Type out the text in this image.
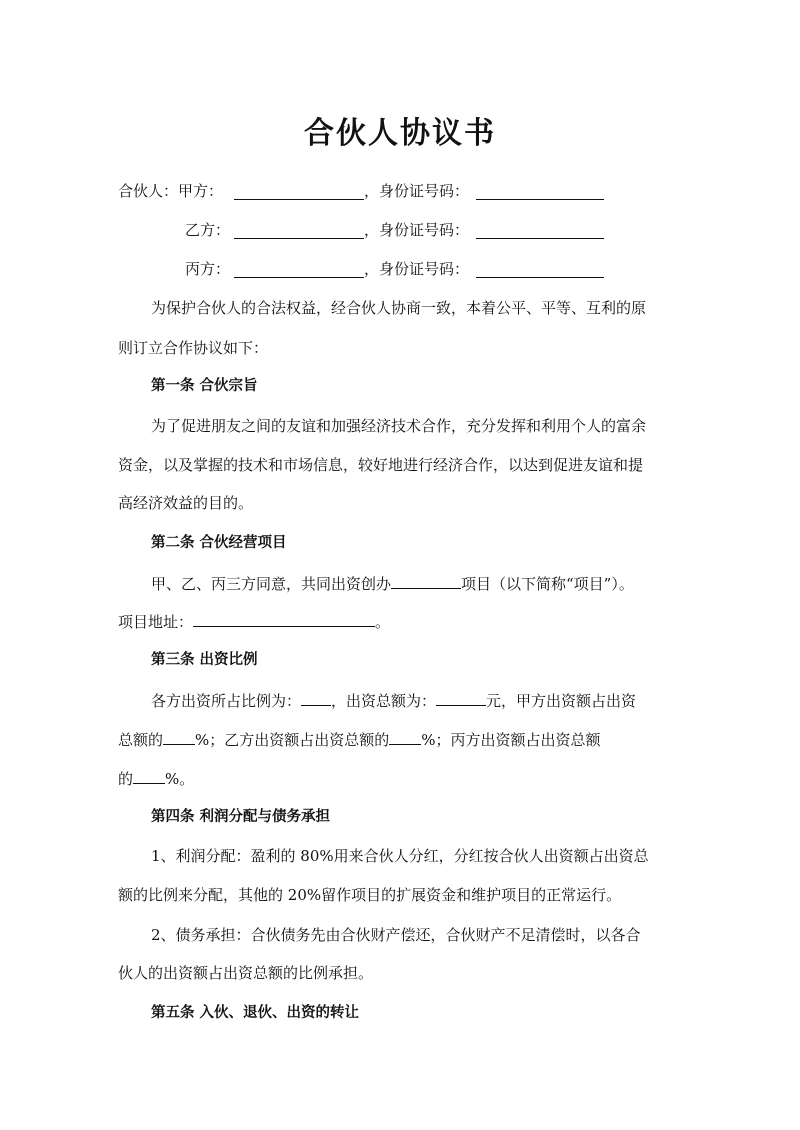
合伙人协议书
合伙人：甲方：	，身份证号码：
乙方：	，身份证号码：
丙方：	，身份证号码：
为保护合伙人的合法权益，经合伙人协商一致，本着公平、平等、互利的原
则订立合作协议如下：
第一条 合伙宗旨
为了促进朋友之间的友谊和加强经济技术合作，充分发挥和利用个人的富余
资金，以及掌握的技术和市场信息，较好地进行经济合作，以达到促进友谊和提
高经济效益的目的。
第二条 合伙经营项目
甲、乙、丙三方同意，共同出资创办	项目（以下简称“项目”）。
项目地址：	。
第三条 出资比例
各方出资所占比例为： ，出资总额为：	元，甲方出资额占出资
总额的 %；乙方出资额占出资总额的 %；丙方出资额占出资总额
的 %。
第四条 利润分配与债务承担
1、利润分配：盈利的 80%用来合伙人分红，分红按合伙人出资额占出资总
额的比例来分配，其他的 20%留作项目的扩展资金和维护项目的正常运行。
2、债务承担：合伙债务先由合伙财产偿还，合伙财产不足清偿时，以各合
伙人的出资额占出资总额的比例承担。
第五条 入伙、退伙、出资的转让
